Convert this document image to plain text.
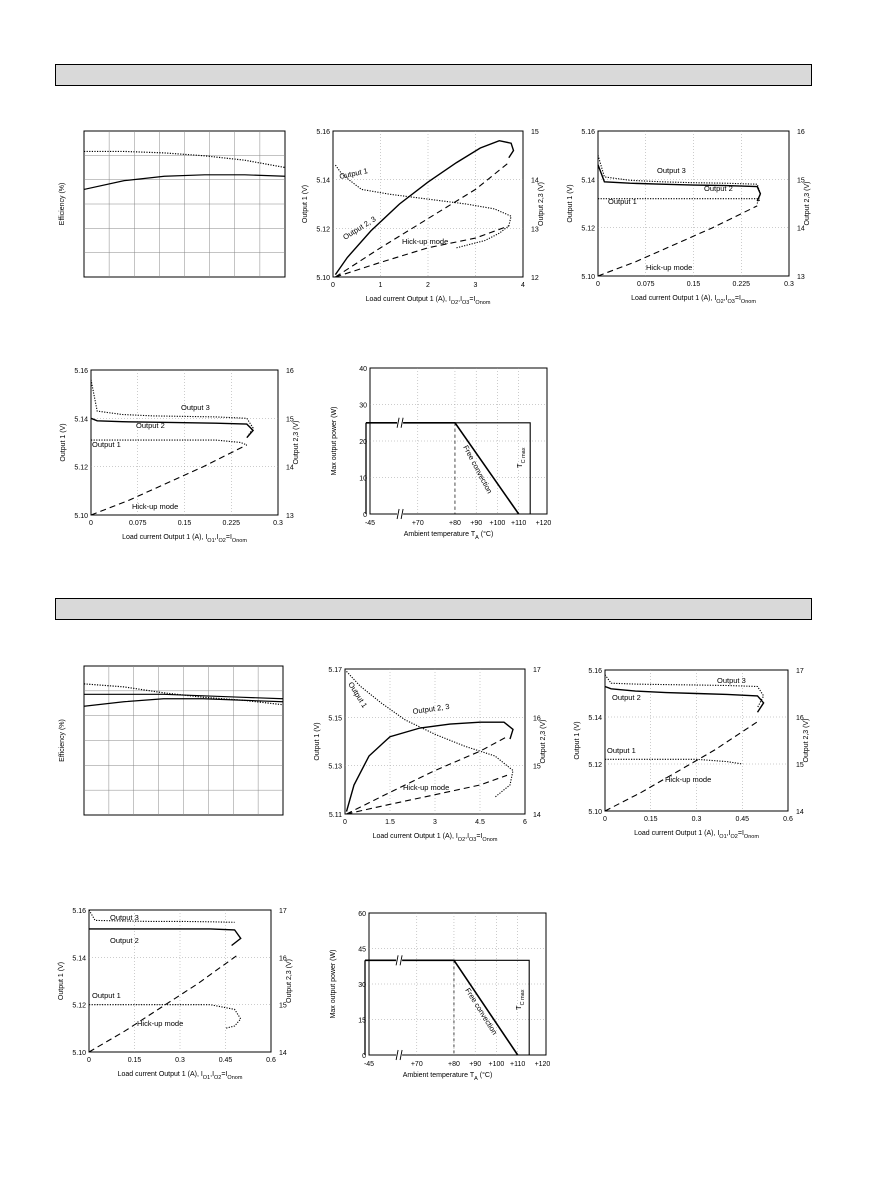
Efficiency (%)
0	1	2	3	4
5.10
5.12
5.14
5.16
12
13
14
15
Load current Output 1 (A), $I_{O2},I_{O3}=I_{Onom}$
Output 1 (V)	Output 2,3 (V)
Output 1
Output 2, 3	Hick-up mode
0	0.075	0.15	0.225	0.3
5.10
5.12
5.14
5.16
13
14
15
16
Load current Output 1 (A), $I_{O2},I_{O3}=I_{Onom}$
Output 1 (V)	Output 2,3 (V)
Output 3
Output 2
Output 1
Hick-up mode
0	0.075	0.15	0.225	0.3
5.10
5.12
5.14
5.16
13
14
15
16
Load current Output 1 (A), $I_{O1},I_{O2}=I_{Onom}$
Output 1 (V)	Output 2,3 (V)
Output 3
Output 2
Output 1
Hick-up mode
0
10
20
30
40
-45	+70	+80 +90 +100 +110 +120
Ambient temperature $T_A$ (°C)
Max output power (W)	Free convection	$T_{C max}$
Efficiency (%)
0	1.5	3	4.5	6
5.11
5.13
5.15
5.17
14
15
16
17
Load current Output 1 (A), $I_{O2},I_{O3}=I_{Onom}$
Output 1 (V)	Output 2,3 (V)
Output 1	Output 2, 3
Hick-up mode
0	0.15	0.3	0.45	0.6
5.10
5.12
5.14
5.16
14
15
16
17
Load current Output 1 (A), $I_{O1},I_{O2}=I_{Onom}$
Output 1 (V)	Output 2,3 (V)
Output 3
Output 2
Output 1
Hick-up mode
0	0.15	0.3	0.45	0.6
5.10
5.12
5.14
5.16
14
15
16
17
Load current Output 1 (A), $I_{O1},I_{O2}=I_{Onom}$
Output 1 (V)	Output 2,3 (V)
Output 3
Output 2
Output 1
Hick-up mode
0
15
30
45
60
-45	+70	+80 +90 +100 +110 +120
Ambient temperature $T_A$ (°C)
Max output power (W)	Free convection $T_{C max}$
